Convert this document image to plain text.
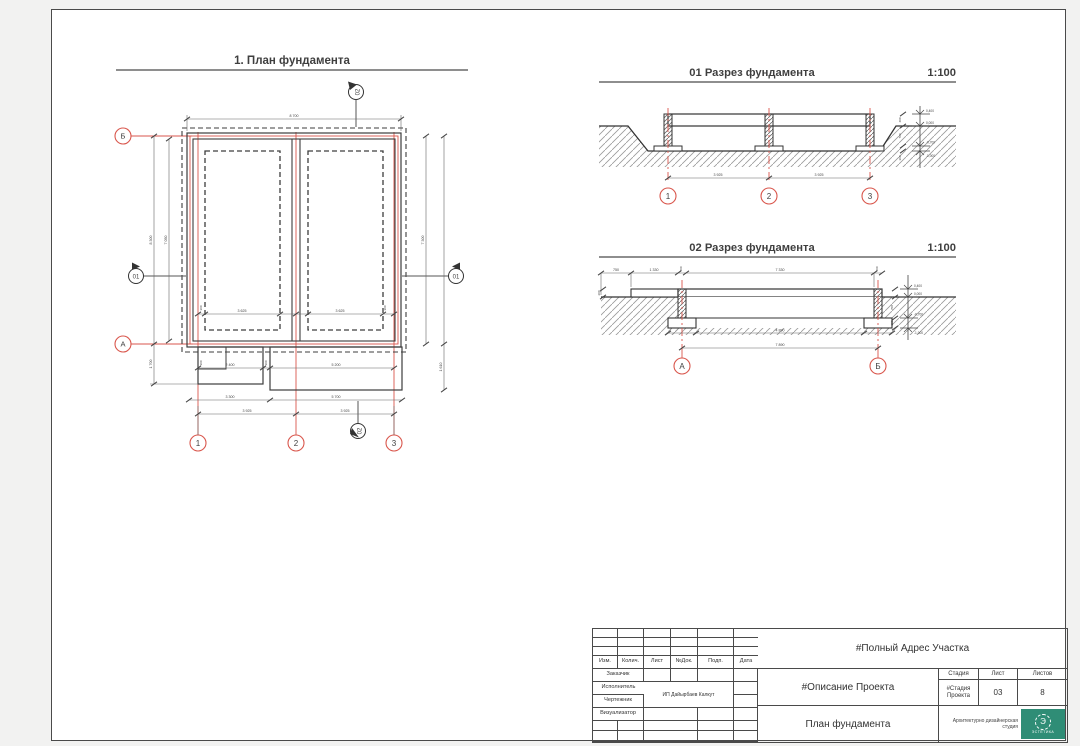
1. План фундамента
02
Б
А
1	2	3
01	01
02
8 700
8 300	7 050
1 700
7 300
1 610
3 625	3 625
300	300
2 400	5 200
300	300
3 300	5 700
3 925	3 925
01 Разрез фундамента	1:100
3 925	3 925
1	2	3
0,400
0,000
-0,700
-1,000
400
700
300
02 Разрез фундамента	1:100
750	1 330	300	7 330	300
200
4 890
7 890
А	Б
0,400
0,000
-0,700
-1,000
700
300
Изм.	Колич.	Лист	№Док.	Подп.	Дата
Заказчик
Исполнитель
ИП Дайырбаев Калкут
Чертежник
Визуализатор
#Полный Адрес Участка
#Описание Проекта
Стадия	Лист	Листов
#Стадия Проекта	03	8
План фундамента	Архитектурно дизайнерская
студия
Э
ЭСТЕТИКА
